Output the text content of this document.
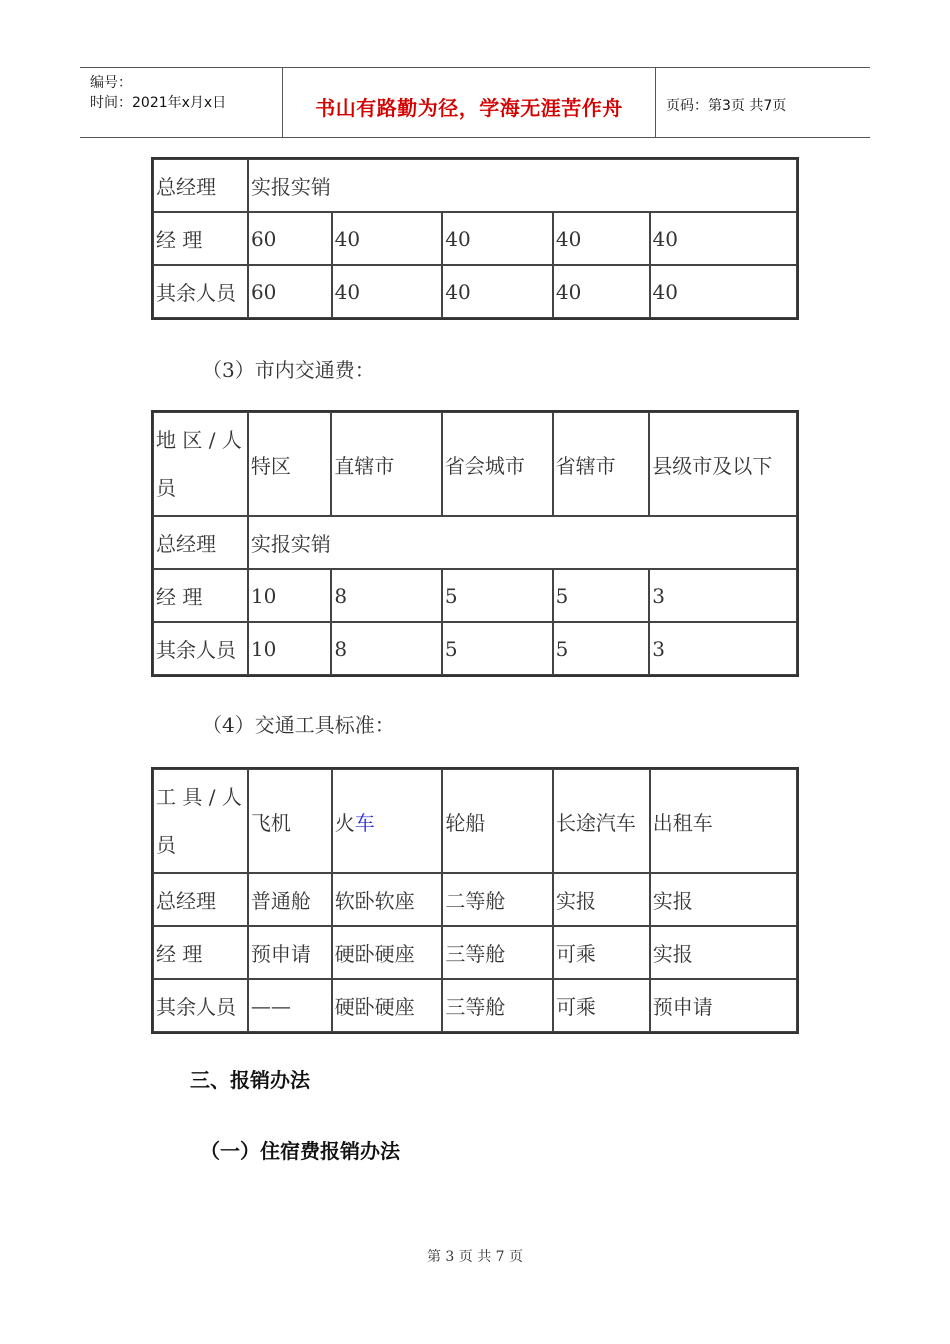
编号：
时间：2021年x月x日	书山有路勤为径，学海无涯苦作舟	页码：第3页 共7页
总经理	实报实销				
经 理	60	40	40	40	40
其余人员	60	40	40	40	40
（3）市内交通费：
地 区 / 人员	特区	直辖市	省会城市	省辖市	县级市及以下
总经理	实报实销				
经 理	10	8	5	5	3
其余人员	10	8	5	5	3
（4）交通工具标准：
工 具 / 人员	飞机	火车	轮船	长途汽车	出租车
总经理	普通舱	软卧软座	二等舱	实报	实报
经 理	预申请	硬卧硬座	三等舱	可乘	实报
其余人员	——	硬卧硬座	三等舱	可乘	预申请
三、报销办法
（一）住宿费报销办法
第 3 页 共 7 页
